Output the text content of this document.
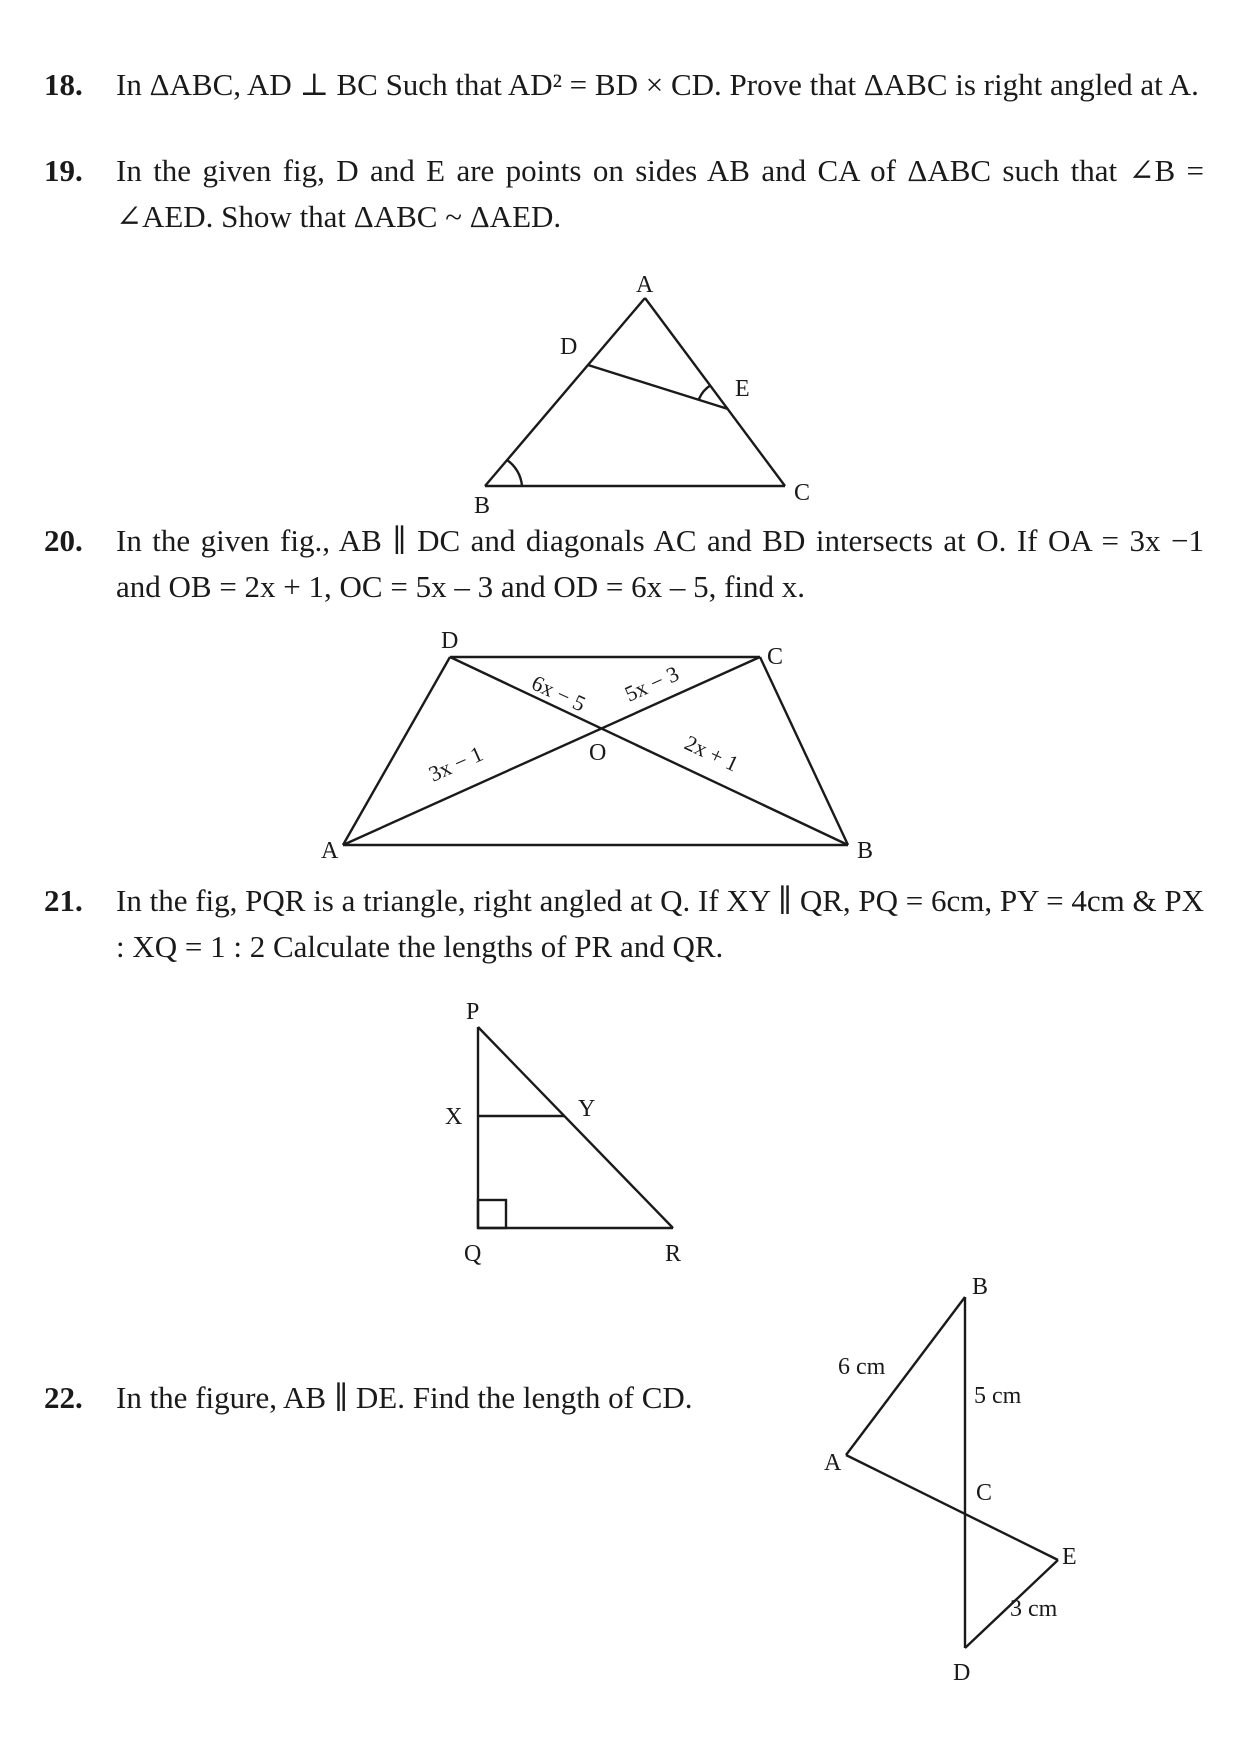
18. In ΔABC, AD ⊥ BC Such that AD² = BD × CD. Prove that ΔABC is right angled at A.
19. In the given fig, D and E are points on sides AB and CA of ΔABC such that ∠B = ∠AED. Show that ΔABC ~ ΔAED.
A
B	C
D
E
20. In the given fig., AB ∥ DC and diagonals AC and BD intersects at O. If OA = 3x −1 and OB = 2x + 1, OC = 5x – 3 and OD = 6x – 5, find x.
D
C
A	B
O
6x − 5 5x − 3
3x − 1	2x + 1
21. In the fig, PQR is a triangle, right angled at Q. If XY ∥ QR, PQ = 6cm, PY = 4cm & PX : XQ = 1 : 2 Calculate the lengths of PR and QR.
P
X	Y
Q	R
22. In the figure, AB ∥ DE. Find the length of CD.
B
A
C
E
D
6 cm
5 cm
3 cm
